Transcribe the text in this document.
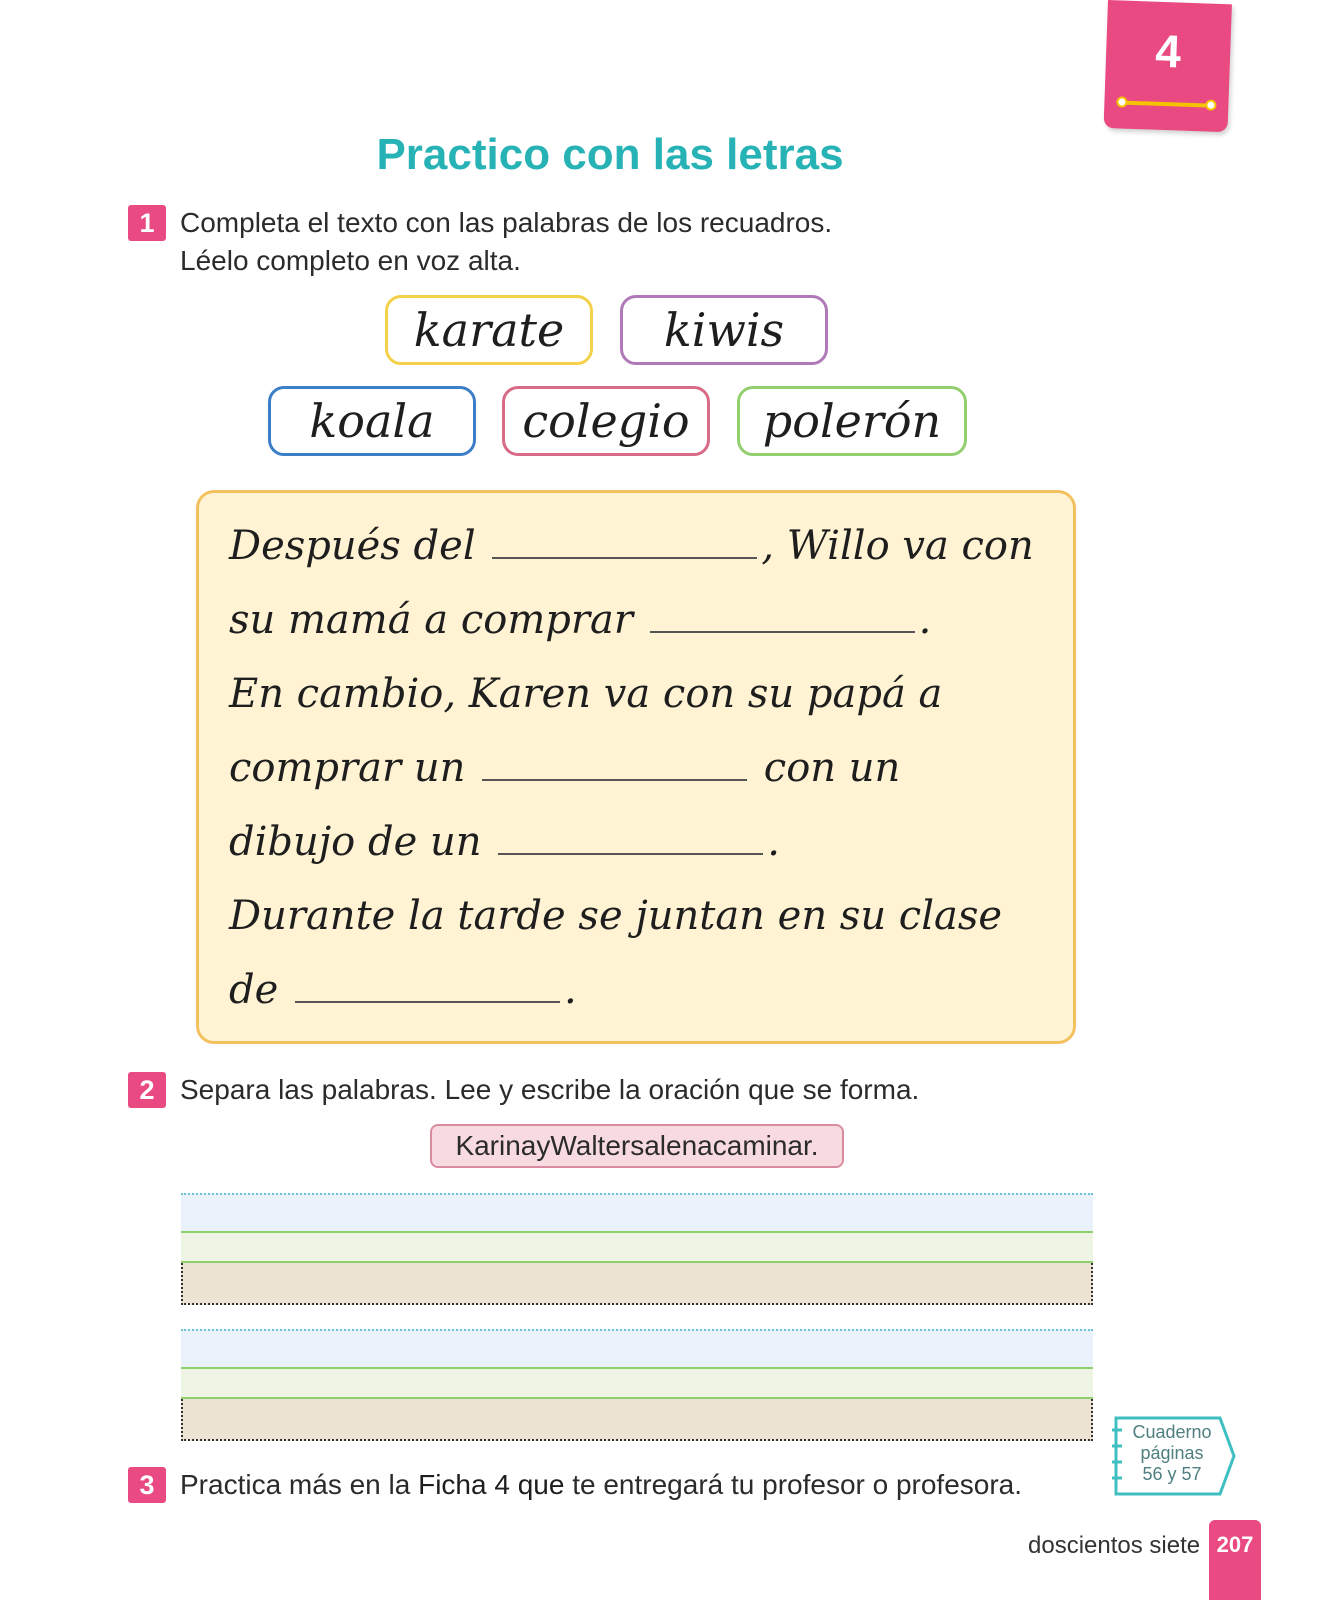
4
Practico con las letras
1 Completa el texto con las palabras de los recuadros.
Léelo completo en voz alta.
karate	kiwis
koala	colegio	polerón
Después del	, Willo va con
su mamá a comprar	.
En cambio, Karen va con su papá a
comprar un	con un
dibujo de un	.
Durante la tarde se juntan en su clase
de	.
2 Separa las palabras. Lee y escribe la oración que se forma.
KarinayWaltersalenacaminar.
3 Practica más en la Ficha 4 que te entregará tu profesor o profesora.
Cuaderno
páginas
56 y 57
doscientos siete 207
